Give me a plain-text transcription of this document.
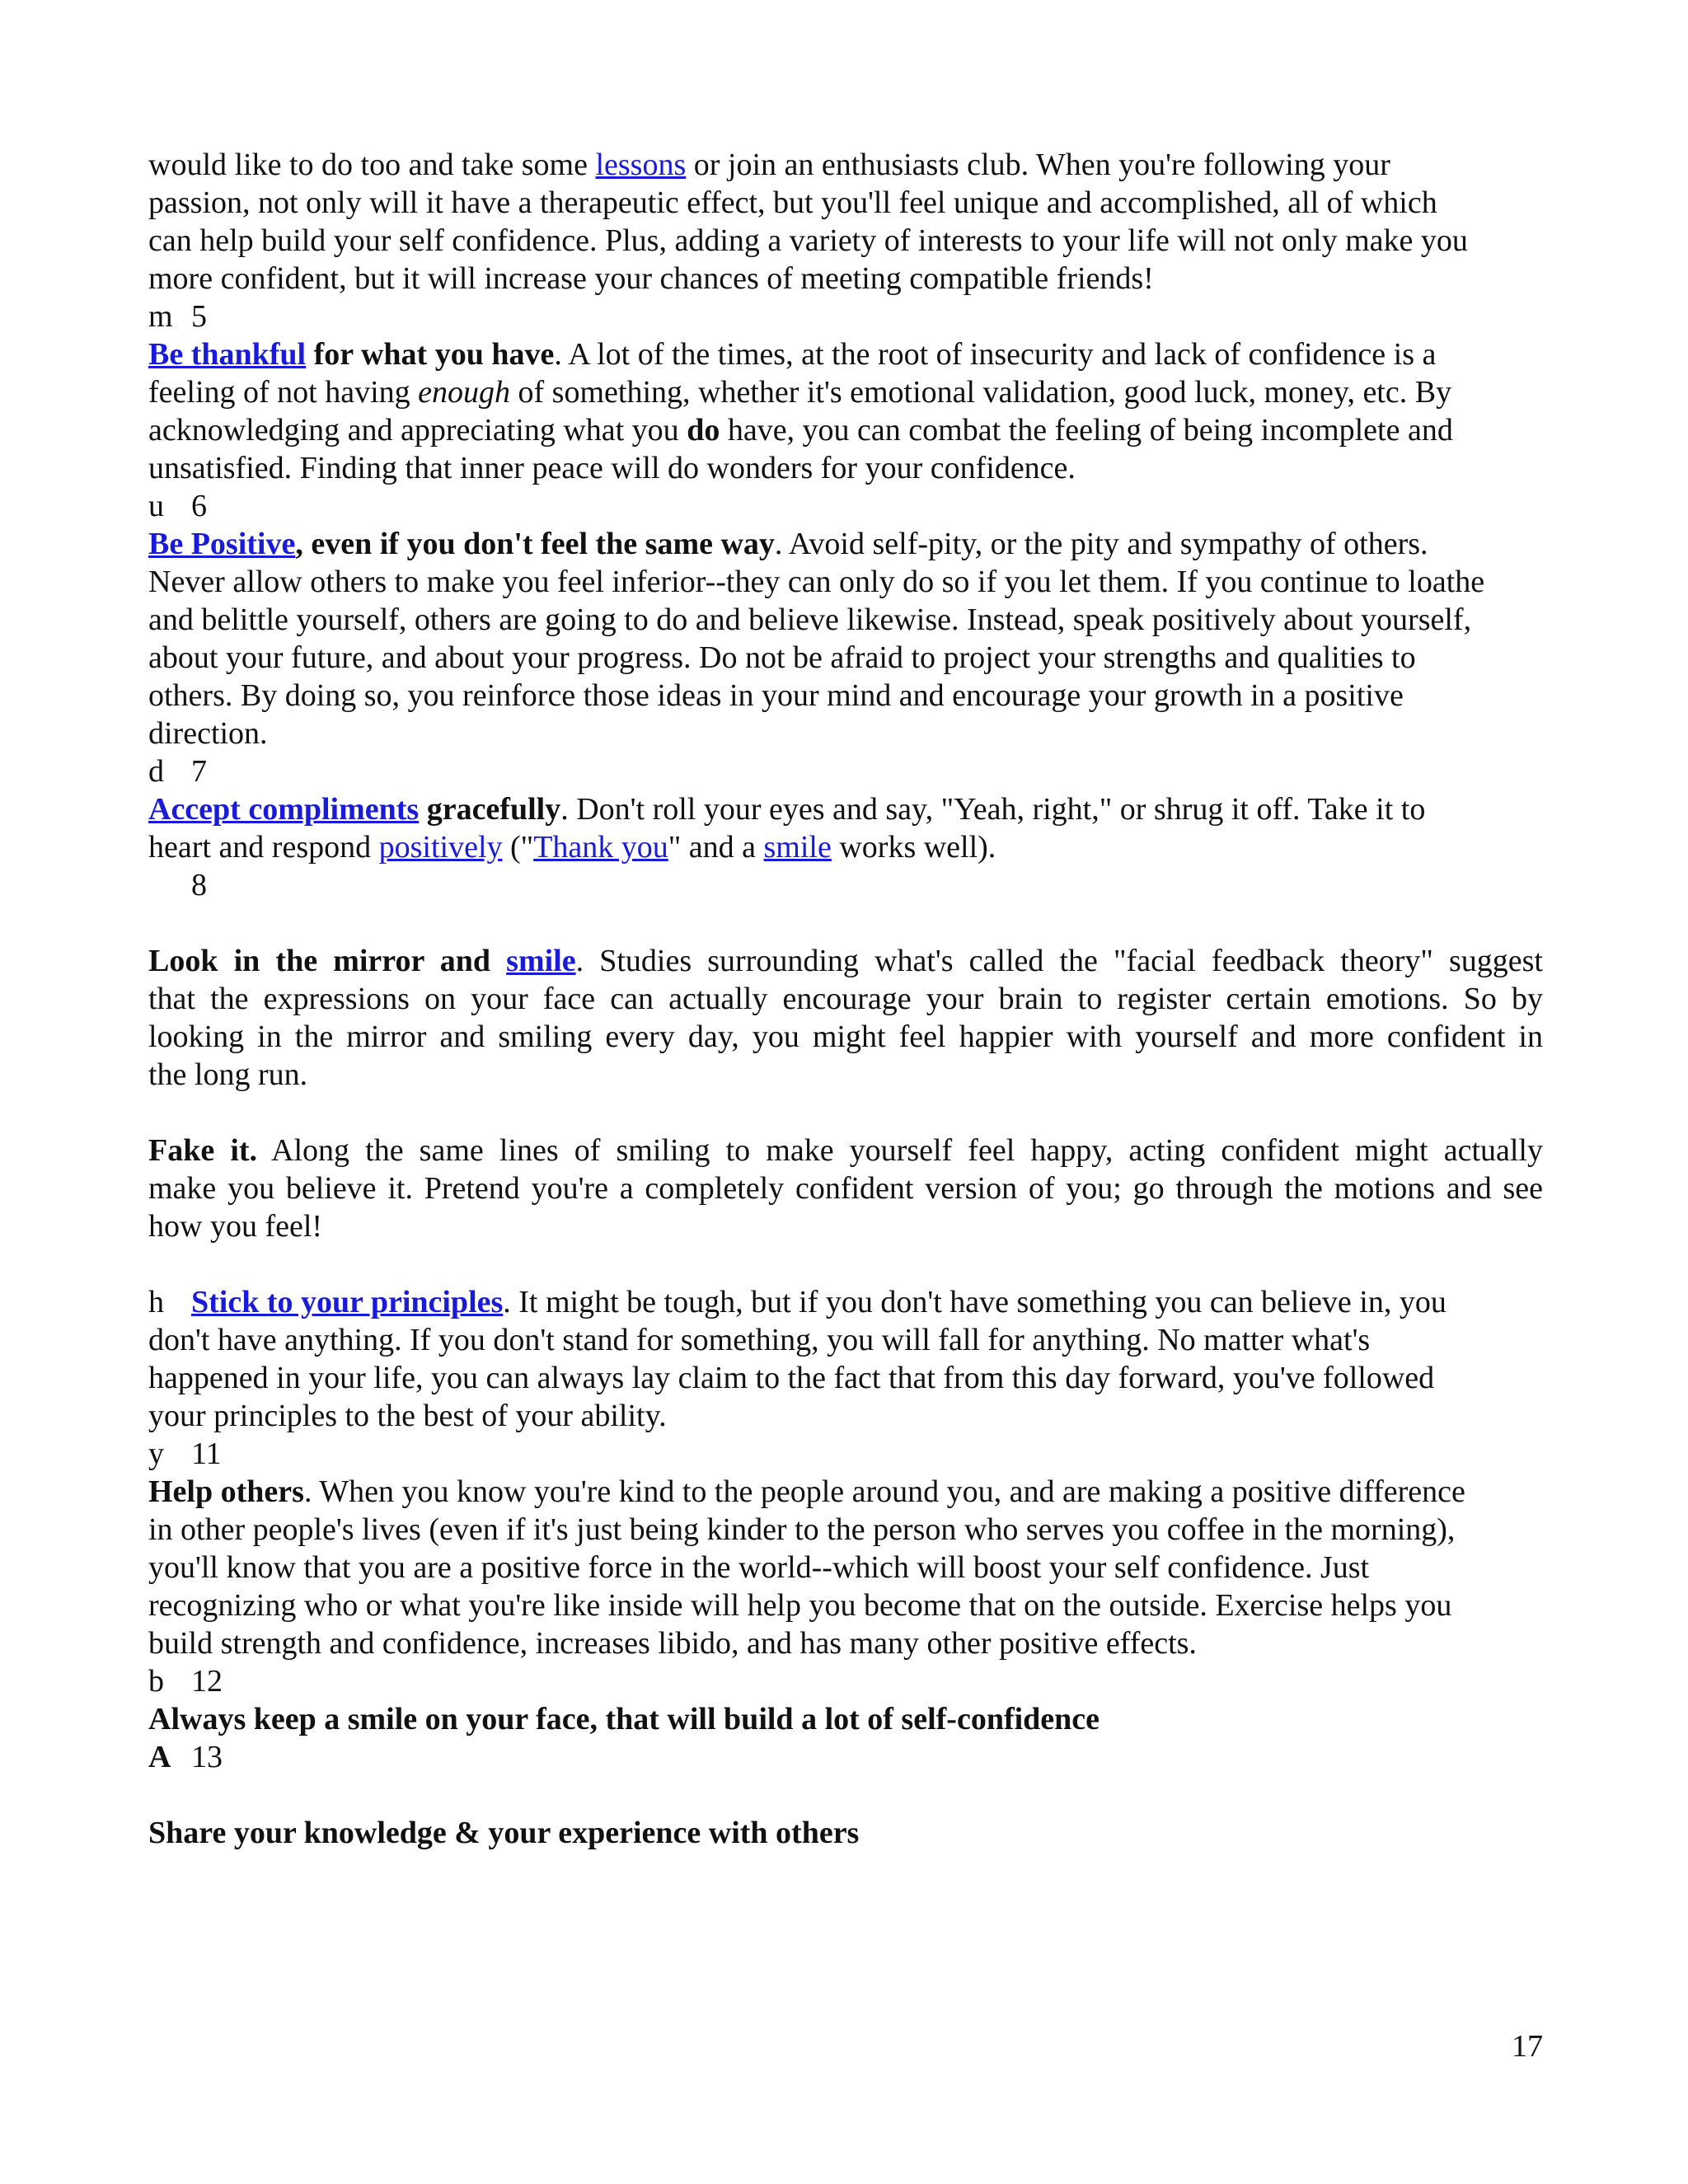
would like to do too and take some lessons or join an enthusiasts club. When you're following your
passion, not only will it have a therapeutic effect, but you'll feel unique and accomplished, all of which
can help build your self confidence. Plus, adding a variety of interests to your life will not only make you
more confident, but it will increase your chances of meeting compatible friends!
m 5
Be thankful for what you have. A lot of the times, at the root of insecurity and lack of confidence is a
feeling of not having enough of something, whether it's emotional validation, good luck, money, etc. By
acknowledging and appreciating what you do have, you can combat the feeling of being incomplete and
unsatisfied. Finding that inner peace will do wonders for your confidence.
u 6
Be Positive, even if you don't feel the same way. Avoid self-pity, or the pity and sympathy of others.
Never allow others to make you feel inferior--they can only do so if you let them. If you continue to loathe
and belittle yourself, others are going to do and believe likewise. Instead, speak positively about yourself,
about your future, and about your progress. Do not be afraid to project your strengths and qualities to
others. By doing so, you reinforce those ideas in your mind and encourage your growth in a positive
direction.
d 7
Accept compliments gracefully. Don't roll your eyes and say, "Yeah, right," or shrug it off. Take it to
heart and respond positively ("Thank you" and a smile works well).
8
Look in the mirror and smile. Studies surrounding what's called the "facial feedback theory" suggest
that the expressions on your face can actually encourage your brain to register certain emotions. So by
looking in the mirror and smiling every day, you might feel happier with yourself and more confident in
the long run.
Fake it. Along the same lines of smiling to make yourself feel happy, acting confident might actually
make you believe it. Pretend you're a completely confident version of you; go through the motions and see
how you feel!
h Stick to your principles. It might be tough, but if you don't have something you can believe in, you
don't have anything. If you don't stand for something, you will fall for anything. No matter what's
happened in your life, you can always lay claim to the fact that from this day forward, you've followed
your principles to the best of your ability.
y 11
Help others. When you know you're kind to the people around you, and are making a positive difference
in other people's lives (even if it's just being kinder to the person who serves you coffee in the morning),
you'll know that you are a positive force in the world--which will boost your self confidence. Just
recognizing who or what you're like inside will help you become that on the outside. Exercise helps you
build strength and confidence, increases libido, and has many other positive effects.
b 12
Always keep a smile on your face, that will build a lot of self-confidence
A 13
Share your knowledge & your experience with others
17
